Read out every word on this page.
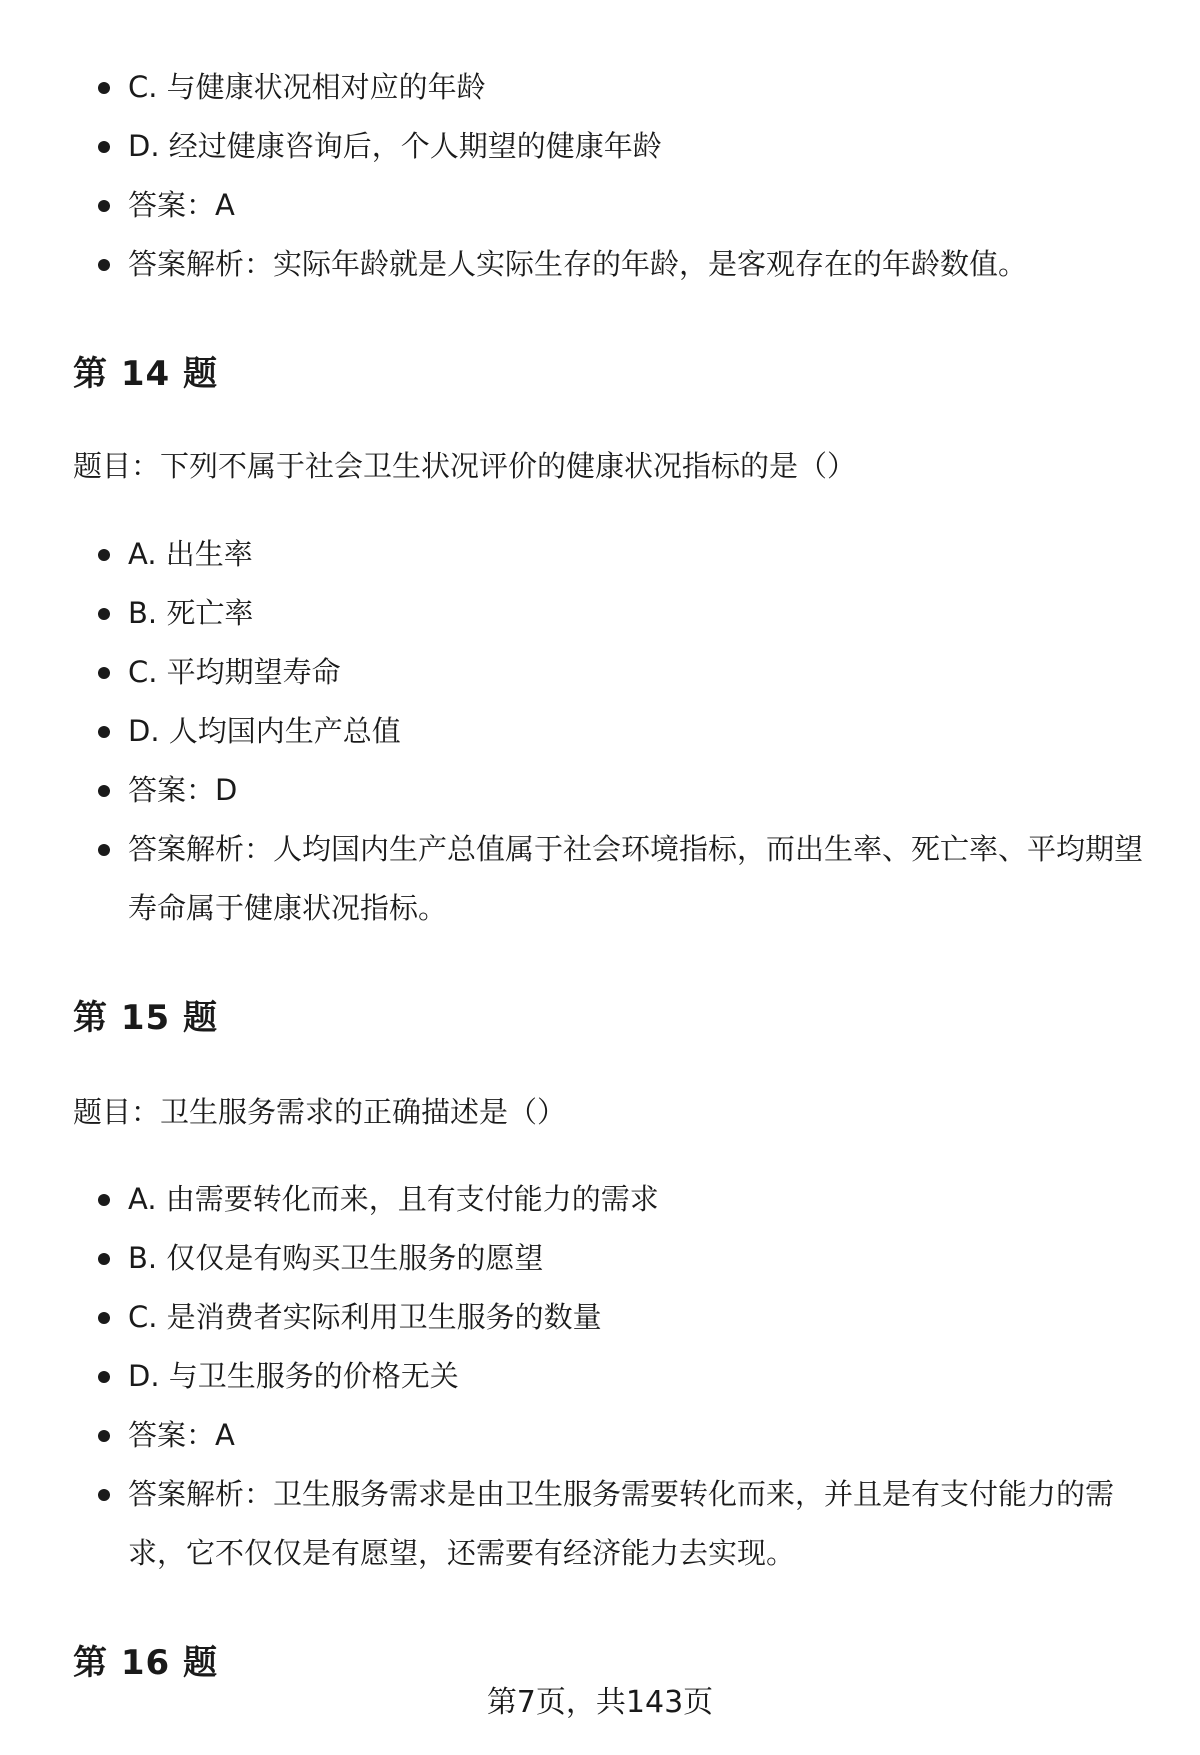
C. 与健康状况相对应的年龄
D. 经过健康咨询后，个人期望的健康年龄
答案：A
答案解析：实际年龄就是人实际生存的年龄，是客观存在的年龄数值。
第 14 题

题目：下列不属于社会卫生状况评价的健康状况指标的是（）

A. 出生率
B. 死亡率
C. 平均期望寿命
D. 人均国内生产总值
答案：D
答案解析：人均国内生产总值属于社会环境指标，而出生率、死亡率、平均期望寿命属于健康状况指标。
第 15 题

题目：卫生服务需求的正确描述是（）

A. 由需要转化而来，且有支付能力的需求
B. 仅仅是有购买卫生服务的愿望
C. 是消费者实际利用卫生服务的数量
D. 与卫生服务的价格无关
答案：A
答案解析：卫生服务需求是由卫生服务需要转化而来，并且是有支付能力的需求，它不仅仅是有愿望，还需要有经济能力去实现。
第 16 题
第7页，共143页
